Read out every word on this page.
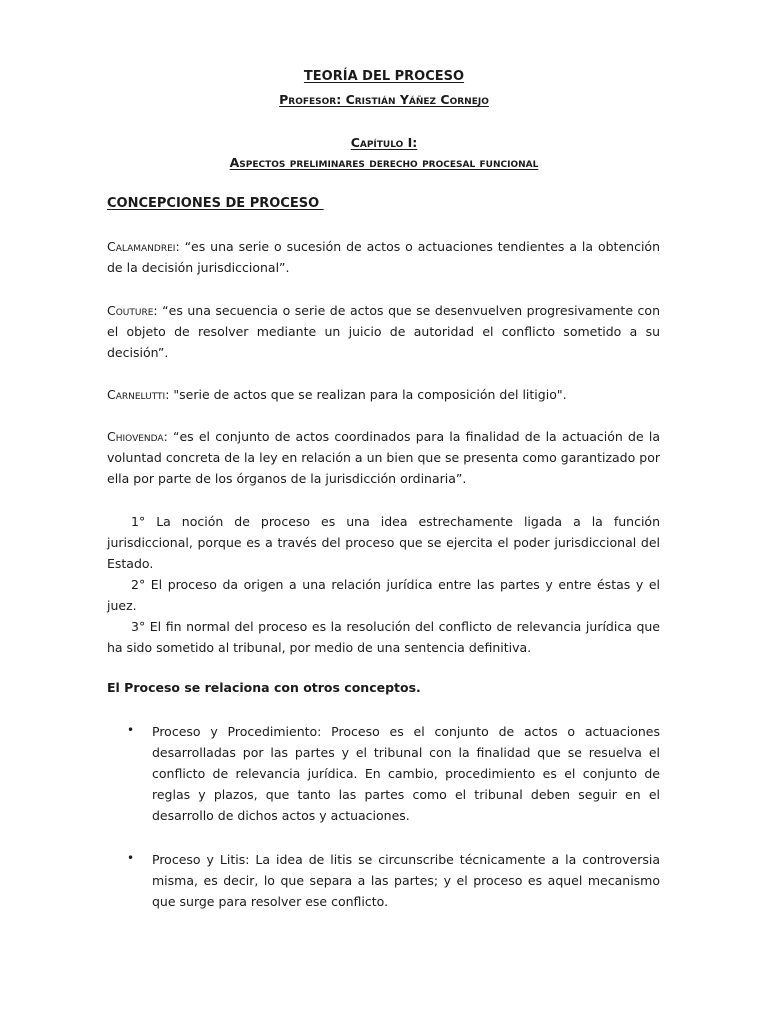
TEORÍA DEL PROCESO
Profesor: Cristián Yáñez Cornejo
Capítulo I:
Aspectos preliminares derecho procesal funcional
CONCEPCIONES DE PROCESO
Calamandrei: “es una serie o sucesión de actos o actuaciones tendientes a la obtención de la decisión jurisdiccional”.
Couture: “es una secuencia o serie de actos que se desenvuelven progresivamente con el objeto de resolver mediante un juicio de autoridad el conflicto sometido a su decisión”.
Carnelutti: "serie de actos que se realizan para la composición del litigio".
Chiovenda: “es el conjunto de actos coordinados para la finalidad de la actuación de la voluntad concreta de la ley en relación a un bien que se presenta como garantizado por ella por parte de los órganos de la jurisdicción ordinaria”.
1° La noción de proceso es una idea estrechamente ligada a la función jurisdiccional, porque es a través del proceso que se ejercita el poder jurisdiccional del Estado.
2° El proceso da origen a una relación jurídica entre las partes y entre éstas y el juez.
3° El fin normal del proceso es la resolución del conflicto de relevancia jurídica que ha sido sometido al tribunal, por medio de una sentencia definitiva.
El Proceso se relaciona con otros conceptos.
• Proceso y Procedimiento: Proceso es el conjunto de actos o actuaciones desarrolladas por las partes y el tribunal con la finalidad que se resuelva el conflicto de relevancia jurídica. En cambio, procedimiento es el conjunto de reglas y plazos, que tanto las partes como el tribunal deben seguir en el desarrollo de dichos actos y actuaciones.
• Proceso y Litis: La idea de litis se circunscribe técnicamente a la controversia misma, es decir, lo que separa a las partes; y el proceso es aquel mecanismo que surge para resolver ese conflicto.
